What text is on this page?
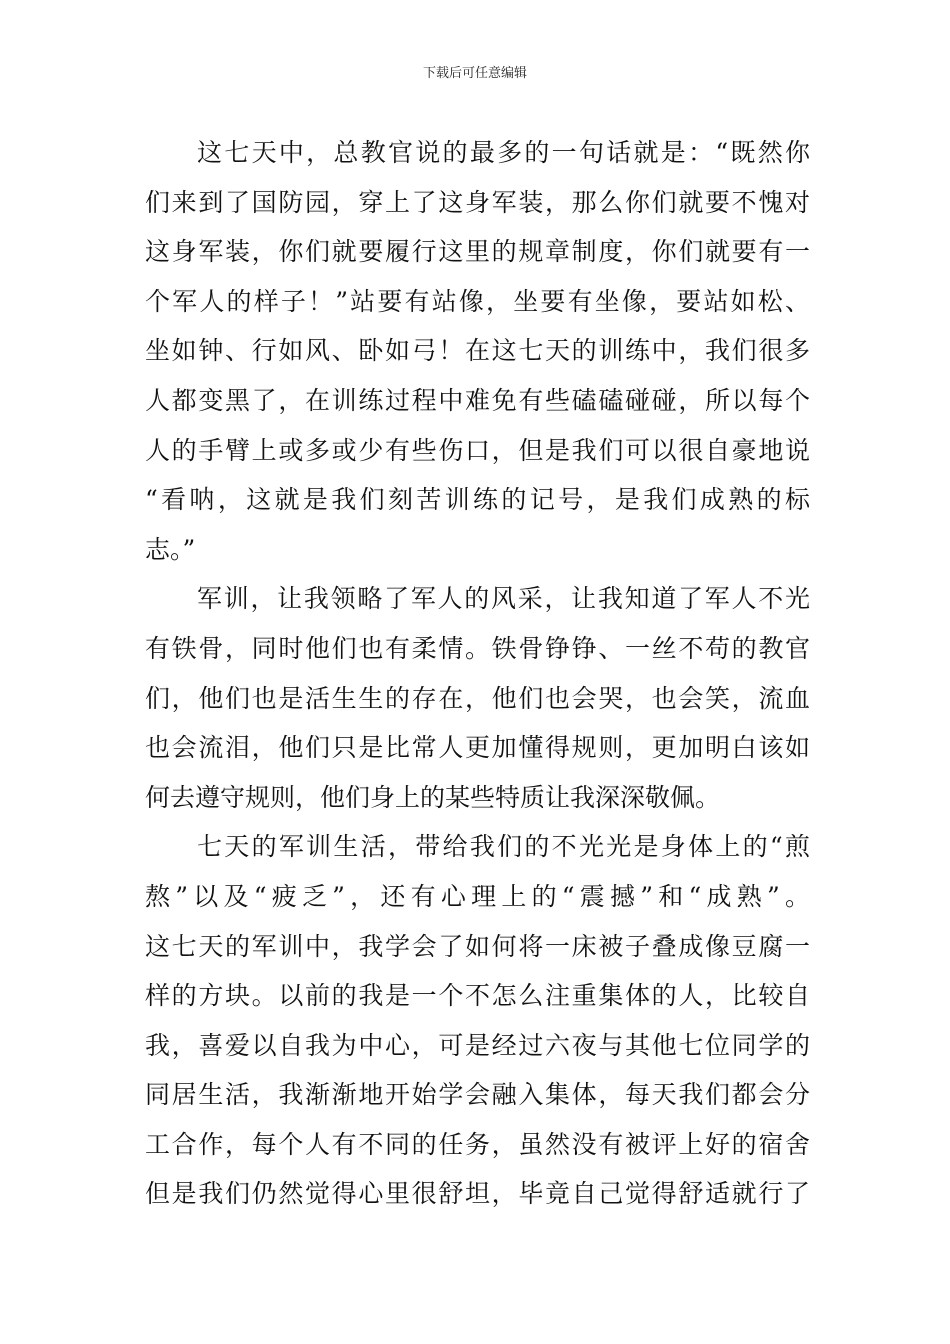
下载后可任意编辑
这七天中，总教官说的最多的一句话就是：“既然你
们来到了国防园，穿上了这身军装，那么你们就要不愧对
这身军装，你们就要履行这里的规章制度，你们就要有一
个军人的样子！”站要有站像，坐要有坐像，要站如松、
坐如钟、行如风、卧如弓！在这七天的训练中，我们很多
人都变黑了，在训练过程中难免有些磕磕碰碰，所以每个
人的手臂上或多或少有些伤口，但是我们可以很自豪地说
“看呐，这就是我们刻苦训练的记号，是我们成熟的标
志。”
军训，让我领略了军人的风采，让我知道了军人不光
有铁骨，同时他们也有柔情。铁骨铮铮、一丝不苟的教官
们，他们也是活生生的存在，他们也会哭，也会笑，流血
也会流泪，他们只是比常人更加懂得规则，更加明白该如
何去遵守规则，他们身上的某些特质让我深深敬佩。
七天的军训生活，带给我们的不光光是身体上的“煎
熬”以及“疲乏”，还有心理上的“震撼”和“成熟”。
这七天的军训中，我学会了如何将一床被子叠成像豆腐一
样的方块。以前的我是一个不怎么注重集体的人，比较自
我，喜爱以自我为中心，可是经过六夜与其他七位同学的
同居生活，我渐渐地开始学会融入集体，每天我们都会分
工合作，每个人有不同的任务，虽然没有被评上好的宿舍
但是我们仍然觉得心里很舒坦，毕竟自己觉得舒适就行了
